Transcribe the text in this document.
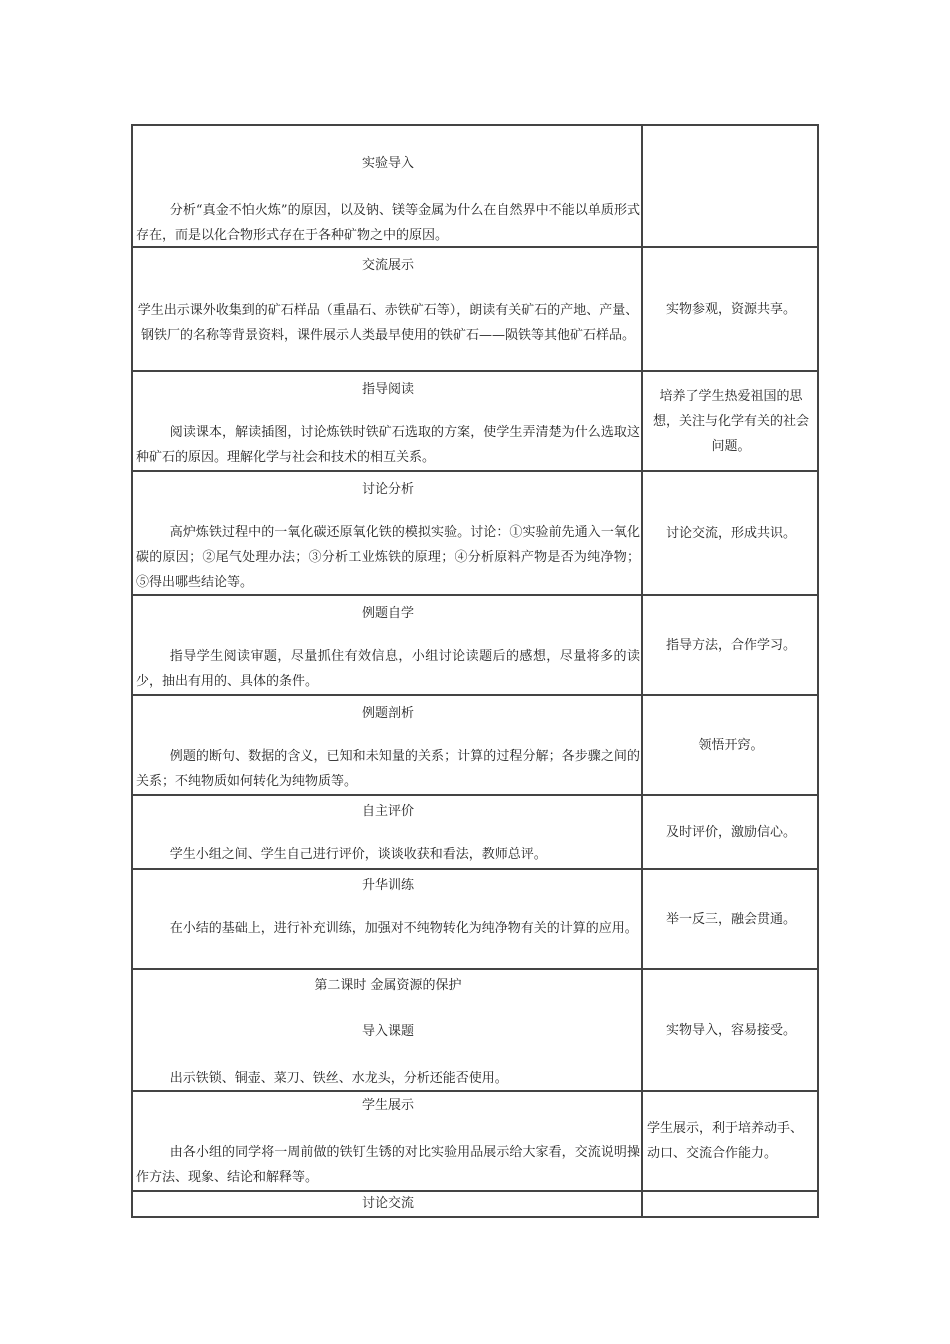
实验导入
分析“真金不怕火炼”的原因，以及钠、镁等金属为什么在自然界中不能以单质形式存在，而是以化合物形式存在于各种矿物之中的原因。
交流展示
学生出示课外收集到的矿石样品（重晶石、赤铁矿石等），朗读有关矿石的产地、产量、钢铁厂的名称等背景资料，课件展示人类最早使用的铁矿石——陨铁等其他矿石样品。
实物参观，资源共享。
指导阅读
阅读课本，解读插图，讨论炼铁时铁矿石选取的方案，使学生弄清楚为什么选取这种矿石的原因。理解化学与社会和技术的相互关系。
培养了学生热爱祖国的思想，关注与化学有关的社会问题。
讨论分析
高炉炼铁过程中的一氧化碳还原氧化铁的模拟实验。讨论：①实验前先通入一氧化碳的原因；②尾气处理办法；③分析工业炼铁的原理；④分析原料产物是否为纯净物；⑤得出哪些结论等。
讨论交流，形成共识。
例题自学
指导学生阅读审题，尽量抓住有效信息，小组讨论读题后的感想，尽量将多的读少，抽出有用的、具体的条件。
指导方法，合作学习。
例题剖析
例题的断句、数据的含义，已知和未知量的关系；计算的过程分解；各步骤之间的关系；不纯物质如何转化为纯物质等。
领悟开窍。
自主评价
学生小组之间、学生自己进行评价，谈谈收获和看法，教师总评。
及时评价，激励信心。
升华训练
在小结的基础上，进行补充训练，加强对不纯物转化为纯净物有关的计算的应用。
举一反三，融会贯通。
第二课时 金属资源的保护
导入课题
出示铁锁、铜壶、菜刀、铁丝、水龙头，分析还能否使用。
实物导入，容易接受。
学生展示
由各小组的同学将一周前做的铁钉生锈的对比实验用品展示给大家看，交流说明操作方法、现象、结论和解释等。
学生展示，利于培养动手、动口、交流合作能力。
讨论交流
